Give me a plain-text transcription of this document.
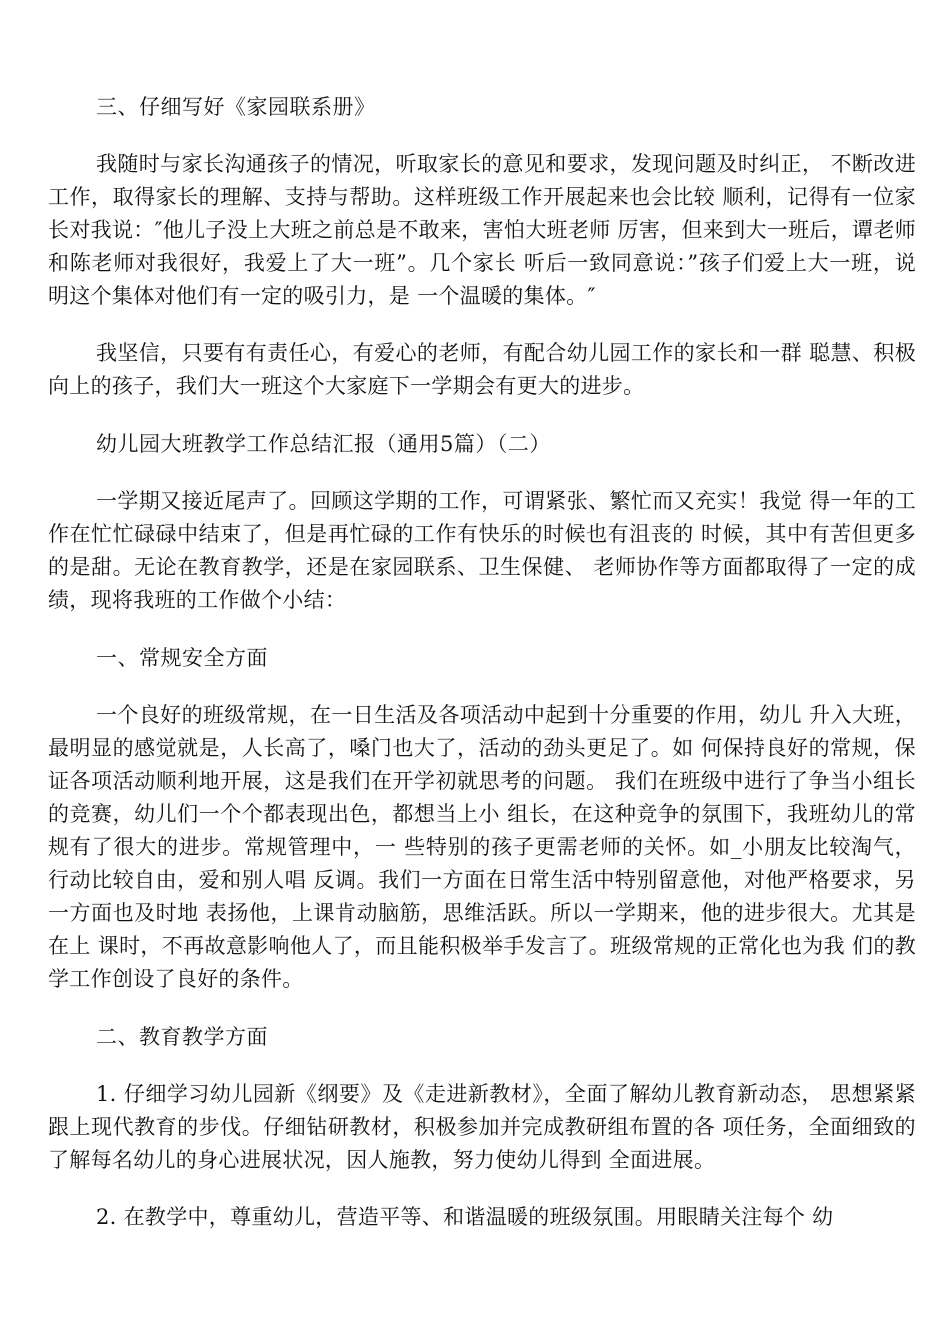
三、仔细写好《家园联系册》

我随时与家长沟通孩子的情况，听取家长的意见和要求，发现问题及时纠正， 不断改进工作，取得家长的理解、支持与帮助。这样班级工作开展起来也会比较 顺利，记得有一位家长对我说：″他儿子没上大班之前总是不敢来，害怕大班老师 厉害，但来到大一班后，谭老师和陈老师对我很好，我爱上了大一班”。几个家长 听后一致同意说：”孩子们爱上大一班，说明这个集体对他们有一定的吸引力，是 一个温暖的集体。″

我坚信，只要有有责任心，有爱心的老师，有配合幼儿园工作的家长和一群 聪慧、积极向上的孩子，我们大一班这个大家庭下一学期会有更大的进步。

幼儿园大班教学工作总结汇报（通用5篇）（二）

一学期又接近尾声了。回顾这学期的工作，可谓紧张、繁忙而又充实！我觉 得一年的工作在忙忙碌碌中结束了，但是再忙碌的工作有快乐的时候也有沮丧的 时候，其中有苦但更多的是甜。无论在教育教学，还是在家园联系、卫生保健、 老师协作等方面都取得了一定的成绩，现将我班的工作做个小结：

一、常规安全方面

一个良好的班级常规，在一日生活及各项活动中起到十分重要的作用，幼儿 升入大班，最明显的感觉就是，人长高了，嗓门也大了，活动的劲头更足了。如 何保持良好的常规，保证各项活动顺利地开展，这是我们在开学初就思考的问题。 我们在班级中进行了争当小组长的竞赛，幼儿们一个个都表现出色，都想当上小 组长，在这种竞争的氛围下，我班幼儿的常规有了很大的进步。常规管理中，一 些特别的孩子更需老师的关怀。如_小朋友比较淘气，行动比较自由，爱和别人唱 反调。我们一方面在日常生活中特别留意他，对他严格要求，另一方面也及时地 表扬他，上课肯动脑筋，思维活跃。所以一学期来，他的进步很大。尤其是在上 课时，不再故意影响他人了，而且能积极举手发言了。班级常规的正常化也为我 们的教学工作创设了良好的条件。

二、教育教学方面

1. 仔细学习幼儿园新《纲要》及《走进新教材》，全面了解幼儿教育新动态， 思想紧紧跟上现代教育的步伐。仔细钻研教材，积极参加并完成教研组布置的各 项任务，全面细致的了解每名幼儿的身心进展状况，因人施教，努力使幼儿得到 全面进展。

2. 在教学中，尊重幼儿，营造平等、和谐温暖的班级氛围。用眼睛关注每个 幼
